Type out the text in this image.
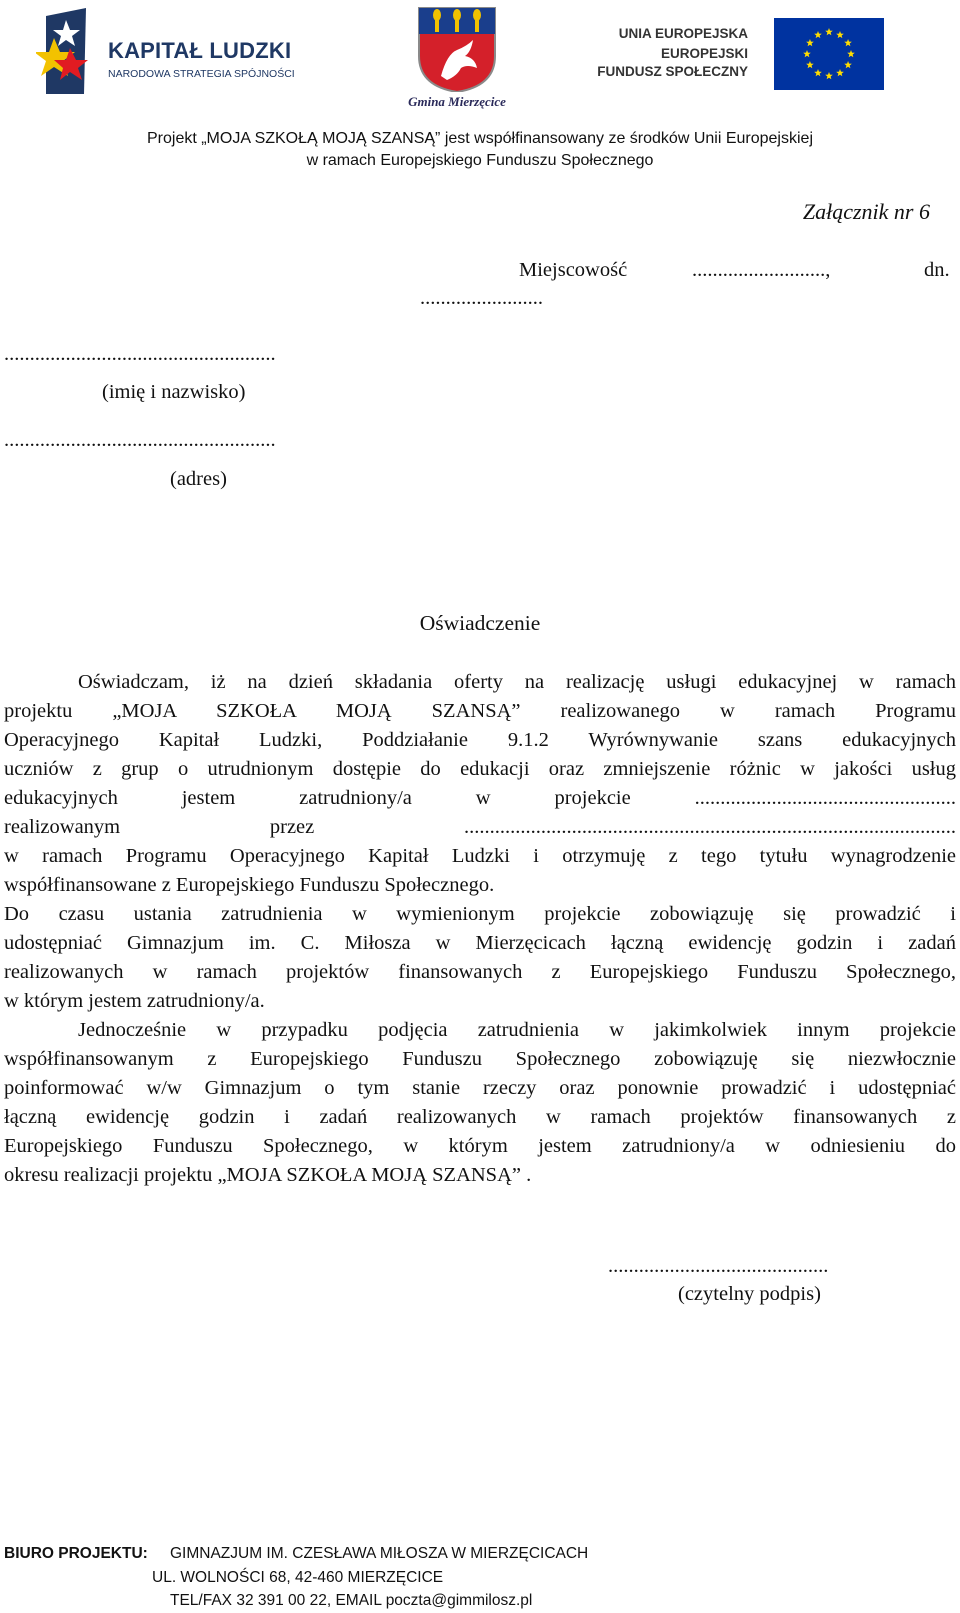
KAPITAŁ LUDZKI
NARODOWA STRATEGIA SPÓJNOŚCI
Gmina Mierzęcice
UNIA EUROPEJSKA
EUROPEJSKI
FUNDUSZ SPOŁECZNY
Projekt „MOJA SZKOŁĄ MOJĄ SZANSĄ” jest współfinansowany ze środków Unii Europejskiej
w ramach Europejskiego Funduszu Społecznego
Załącznik nr 6
Miejscowość	..........................,	dn.
........................
.....................................................
(imię i nazwisko)
.....................................................
(adres)
Oświadczenie
Oświadczam, iż na dzień składania oferty na realizację usługi edukacyjnej w ramach
projektu „MOJA SZKOŁA MOJĄ SZANSĄ” realizowanego w ramach Programu
Operacyjnego Kapitał Ludzki, Poddziałanie 9.1.2 Wyrównywanie szans edukacyjnych
uczniów z grup o utrudnionym dostępie do edukacji oraz zmniejszenie różnic w jakości usług
edukacyjnych jestem zatrudniony/a w projekcie ...................................................
realizowanym przez ................................................................................................
w ramach Programu Operacyjnego Kapitał Ludzki i otrzymuję z tego tytułu wynagrodzenie
współfinansowane z Europejskiego Funduszu Społecznego.
Do czasu ustania zatrudnienia w wymienionym projekcie zobowiązuję się prowadzić i
udostępniać Gimnazjum im. C. Miłosza w Mierzęcicach łączną ewidencję godzin i zadań
realizowanych w ramach projektów finansowanych z Europejskiego Funduszu Społecznego,
w którym jestem zatrudniony/a.
Jednocześnie w przypadku podjęcia zatrudnienia w jakimkolwiek innym projekcie
współfinansowanym z Europejskiego Funduszu Społecznego zobowiązuję się niezwłocznie
poinformować w/w Gimnazjum o tym stanie rzeczy oraz ponownie prowadzić i udostępniać
łączną ewidencję godzin i zadań realizowanych w ramach projektów finansowanych z
Europejskiego Funduszu Społecznego, w którym jestem zatrudniony/a w odniesieniu do
okresu realizacji projektu „MOJA SZKOŁA MOJĄ SZANSĄ” .
...........................................
(czytelny podpis)
BIURO PROJEKTU: GIMNAZJUM IM. CZESŁAWA MIŁOSZA W MIERZĘCICACH
UL. WOLNOŚCI 68, 42-460 MIERZĘCICE
TEL/FAX 32 391 00 22, EMAIL poczta@gimmilosz.pl
